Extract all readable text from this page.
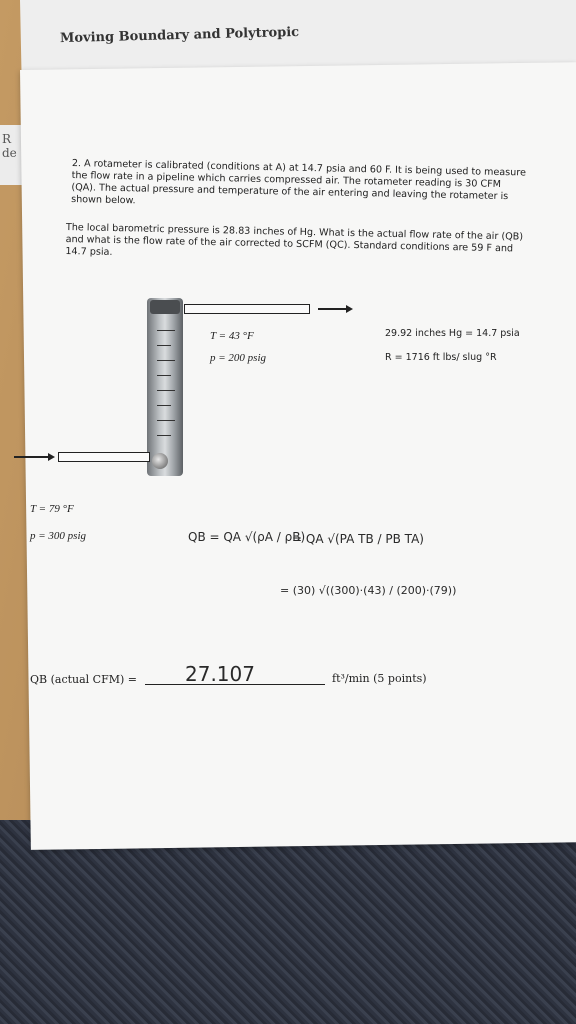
Moving Boundary and Polytropic
R
de
2. A rotameter is calibrated (conditions at A) at 14.7 psia and 60 F. It is being used to measure the flow rate in a pipeline which carries compressed air. The rotameter reading is 30 CFM (QA). The actual pressure and temperature of the air entering and leaving the rotameter is shown below.
The local barometric pressure is 28.83 inches of Hg. What is the actual flow rate of the air (QB) and what is the flow rate of the air corrected to SCFM (QC). Standard conditions are 59 F and 14.7 psia.
T = 43 °F
p = 200 psig
29.92 inches Hg = 14.7 psia
R = 1716 ft lbs/ slug °R
T = 79 °F
p = 300 psig	QB = QA √(ρA / ρB)
= QA √(PA TB / PB TA)
= (30) √((300)·(43) / (200)·(79))
QB (actual CFM) = 27.107	ft³/min (5 points)
